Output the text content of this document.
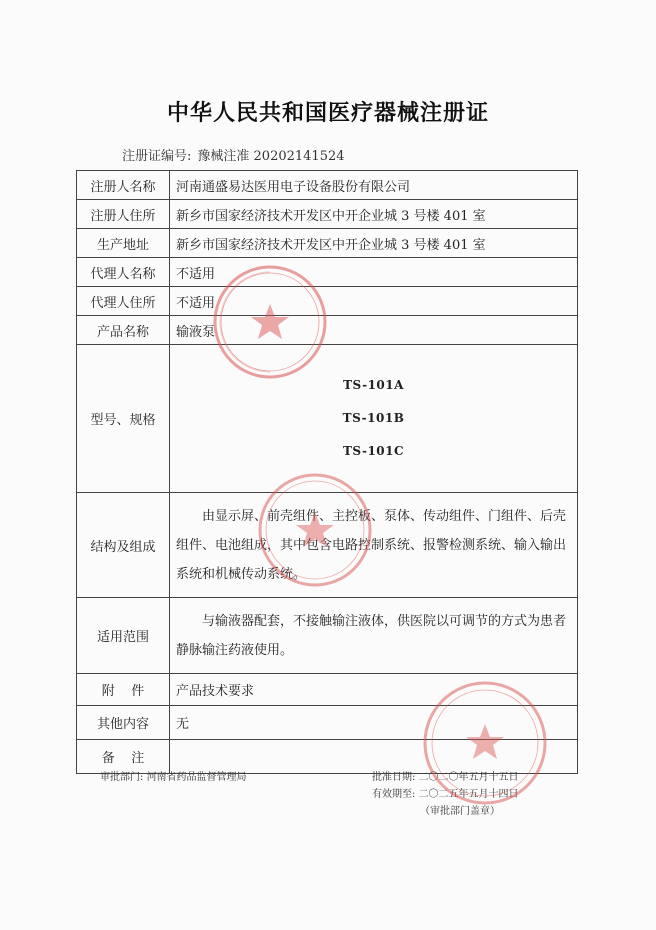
中华人民共和国医疗器械注册证
注册证编号: 豫械注准 20202141524
注册人名称	河南通盛易达医用电子设备股份有限公司
注册人住所	新乡市国家经济技术开发区中开企业城 3 号楼 401 室
生产地址	新乡市国家经济技术开发区中开企业城 3 号楼 401 室
代理人名称	不适用
代理人住所	不适用
产品名称	输液泵
型号、规格	TS-101A
TS-101B
TS-101C

结构及组成	由显示屏、前壳组件、主控板、泵体、传动组件、门组件、后壳组件、电池组成，其中包含电路控制系统、报警检测系统、输入输出系统和机械传动系统。
适用范围	与输液器配套，不接触输注液体，供医院以可调节的方式为患者静脉输注药液使用。
附    件	产品技术要求
其他内容	无
备    注	
审批部门: 河南省药品监督管理局	批准日期: 二〇二〇年五月十五日
有效期至: 二〇二五年五月十四日
（审批部门盖章）
